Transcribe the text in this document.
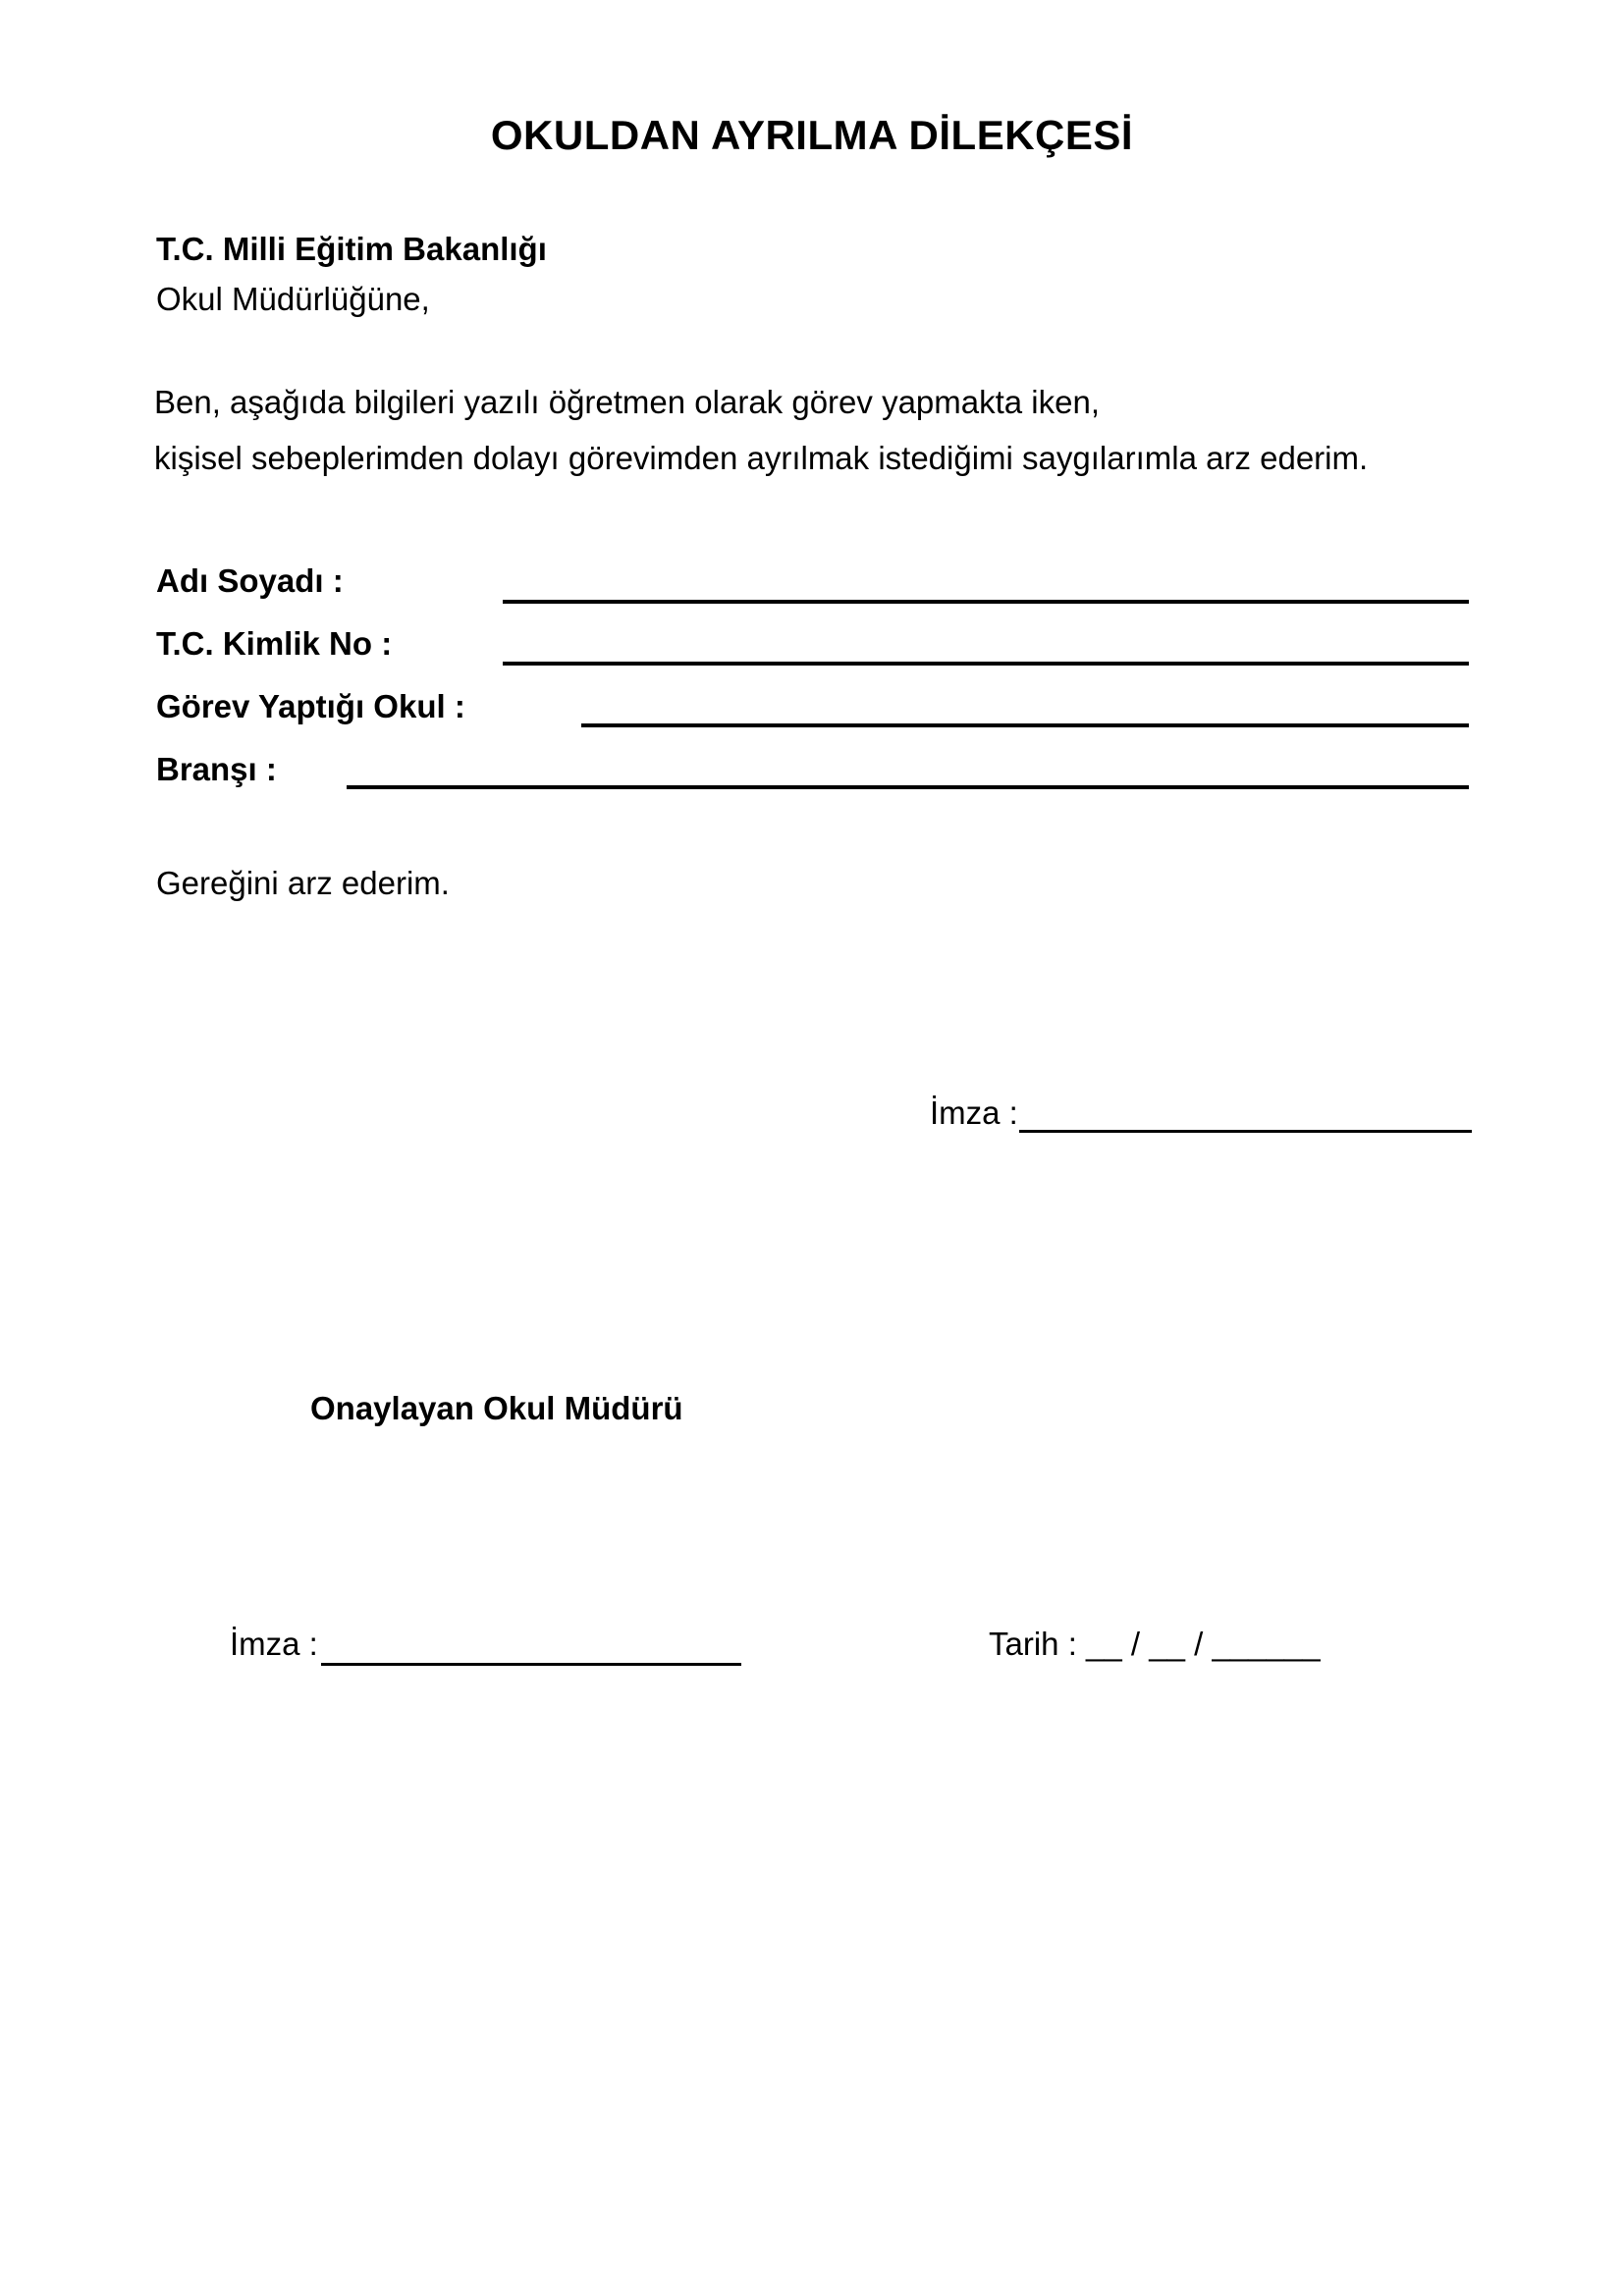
OKULDAN AYRILMA DİLEKÇESİ
T.C. Milli Eğitim Bakanlığı
Okul Müdürlüğüne,
Ben, aşağıda bilgileri yazılı öğretmen olarak görev yapmakta iken,
kişisel sebeplerimden dolayı görevimden ayrılmak istediğimi saygılarımla arz ederim.
Adı Soyadı :
T.C. Kimlik No :
Görev Yaptığı Okul :
Branşı :
Gereğini arz ederim.
İmza :
Onaylayan Okul Müdürü
İmza :	Tarih : __ / __ / ______
